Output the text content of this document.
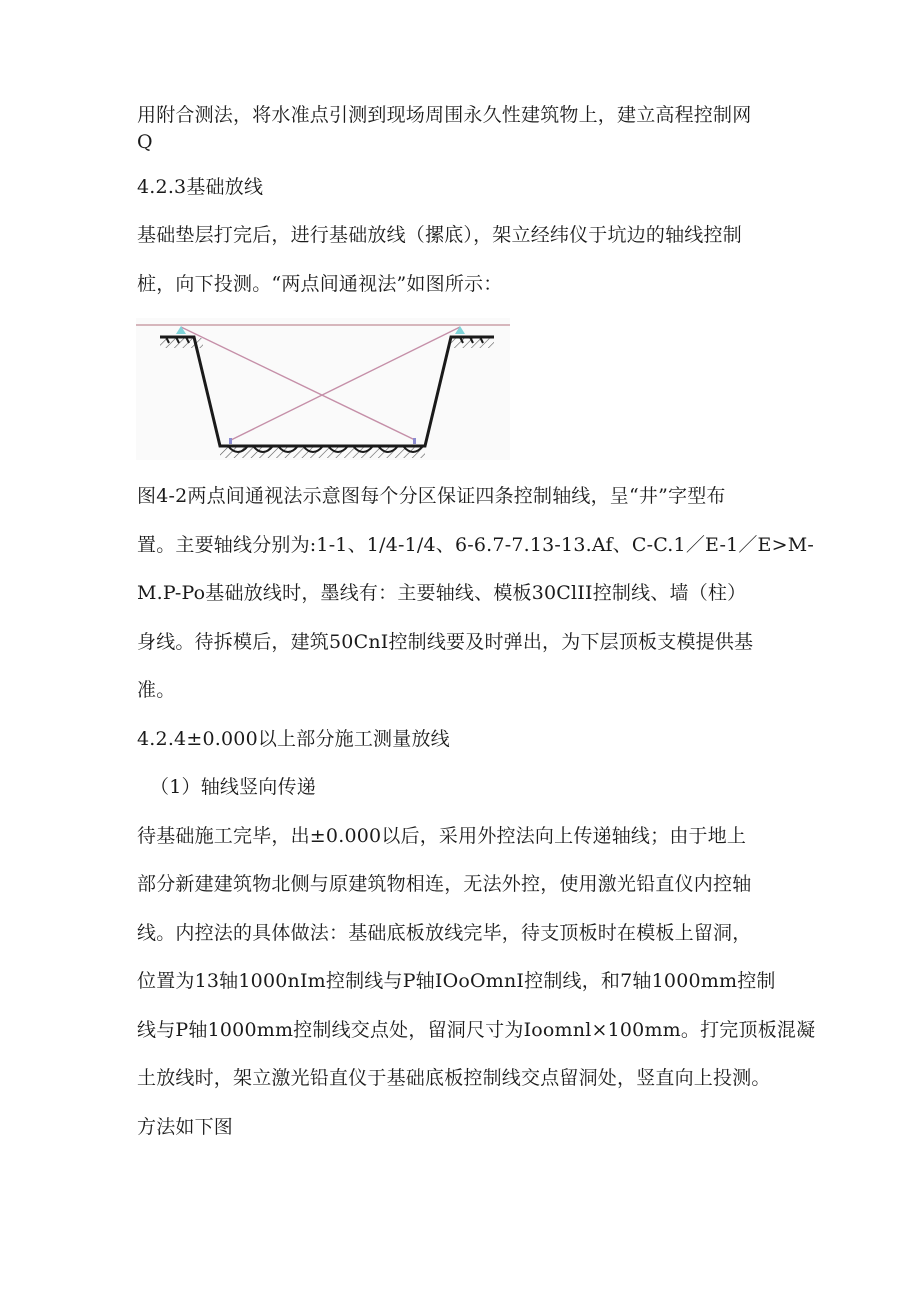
用附合测法，将水准点引测到现场周围永久性建筑物上，建立高程控制网
Q
4.2.3基础放线
基础垫层打完后，进行基础放线（摞底），架立经纬仪于坑边的轴线控制
桩，向下投测。“两点间通视法”如图所示：
图4-2两点间通视法示意图每个分区保证四条控制轴线，呈“井”字型布
置。主要轴线分别为:1-1、1/4-1/4、6-6.7-7.13-13.Af、C-C.1／E-1／E>M-
M.P-Po基础放线时，墨线有：主要轴线、模板30ClII控制线、墙（柱）
身线。待拆模后，建筑50CnI控制线要及时弹出，为下层顶板支模提供基
准。
4.2.4±0.000以上部分施工测量放线
（1）轴线竖向传递
待基础施工完毕，出±0.000以后，采用外控法向上传递轴线；由于地上
部分新建建筑物北侧与原建筑物相连，无法外控，使用激光铅直仪内控轴
线。内控法的具体做法：基础底板放线完毕，待支顶板时在模板上留洞，
位置为13轴1000nIm控制线与P轴IOoOmnI控制线，和7轴1000mm控制
线与P轴1000mm控制线交点处，留洞尺寸为Ioomnl×100mm。打完顶板混凝
土放线时，架立激光铅直仪于基础底板控制线交点留洞处，竖直向上投测。
方法如下图
